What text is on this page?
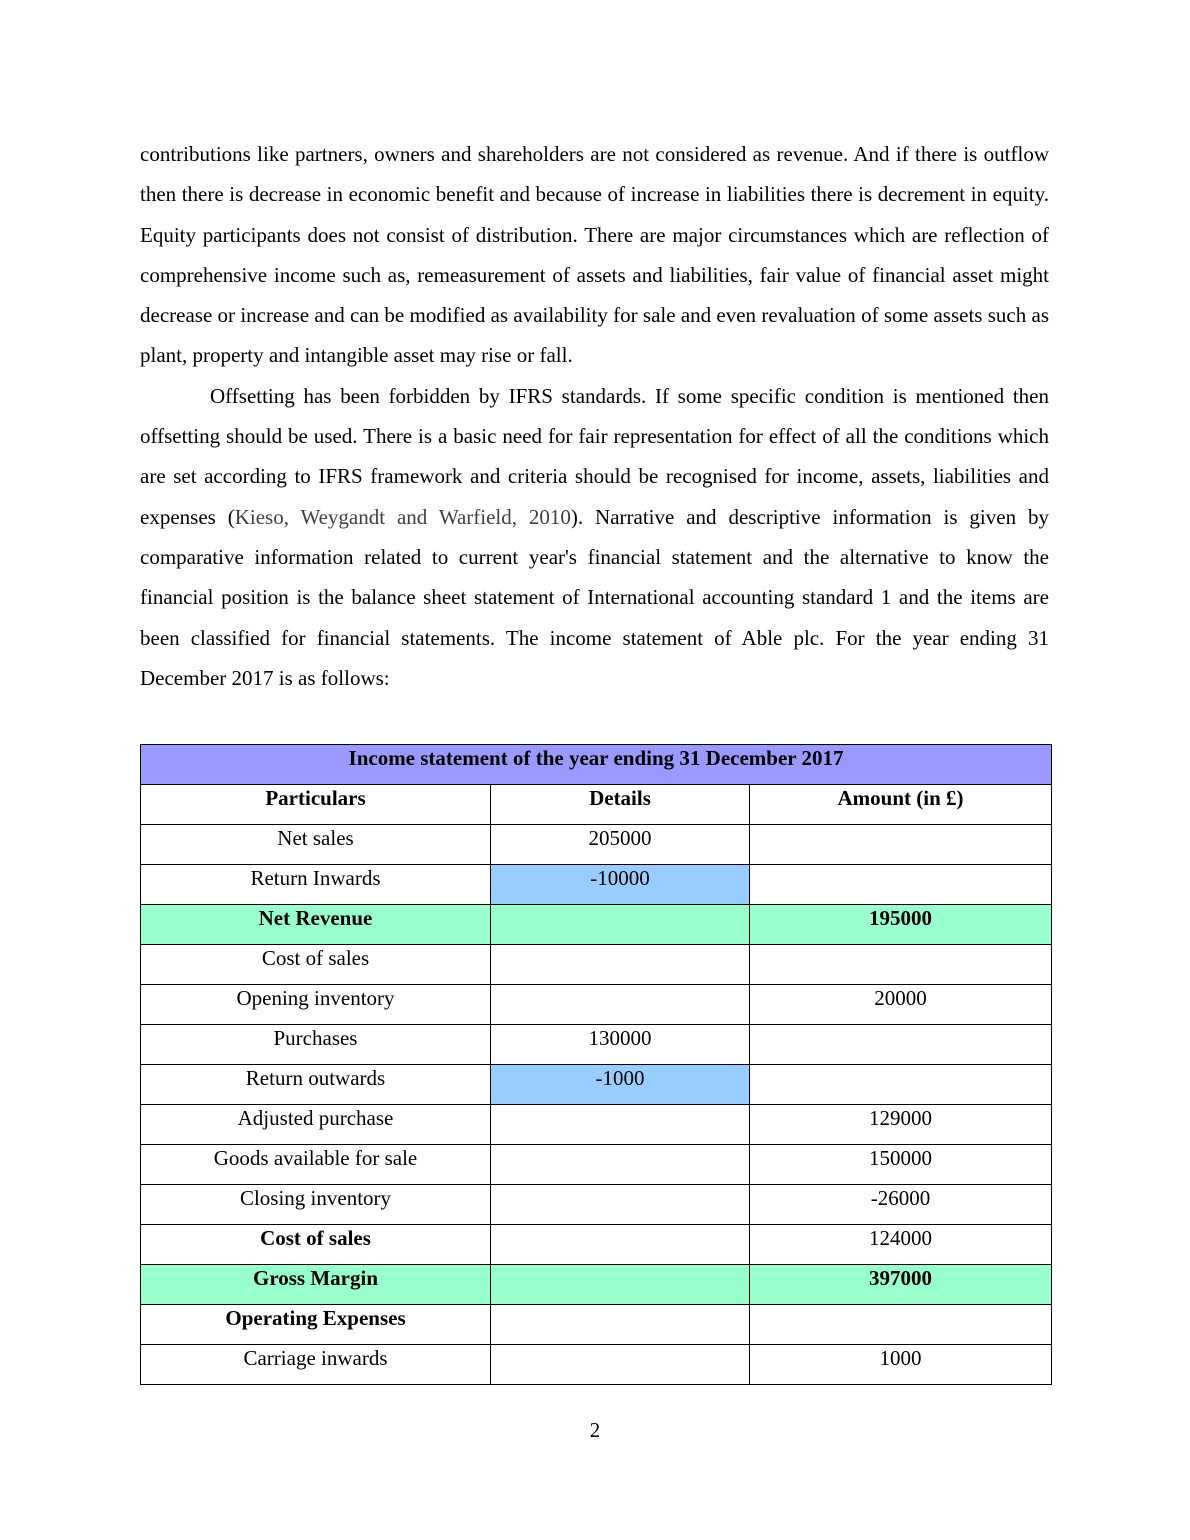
contributions like partners, owners and shareholders are not considered as revenue. And if there is outflow then there is decrease in economic benefit and because of increase in liabilities there is decrement in equity. Equity participants does not consist of distribution. There are major circumstances which are reflection of comprehensive income such as, remeasurement of assets and liabilities, fair value of financial asset might decrease or increase and can be modified as availability for sale and even revaluation of some assets such as plant, property and intangible asset may rise or fall.

Offsetting has been forbidden by IFRS standards. If some specific condition is mentioned then offsetting should be used. There is a basic need for fair representation for effect of all the conditions which are set according to IFRS framework and criteria should be recognised for income, assets, liabilities and expenses (Kieso, Weygandt and Warfield, 2010). Narrative and descriptive information is given by comparative information related to current year's financial statement and the alternative to know the financial position is the balance sheet statement of International accounting standard 1 and the items are been classified for financial statements. The income statement of Able plc. For the year ending 31 December 2017 is as follows:

Income statement of the year ending 31 December 2017		
Particulars	Details	Amount (in £)
Net sales	205000	
Return Inwards	-10000	
Net Revenue		195000
Cost of sales		
Opening inventory		20000
Purchases	130000	
Return outwards	-1000	
Adjusted purchase		129000
Goods available for sale		150000
Closing inventory		-26000
Cost of sales		124000
Gross Margin		397000
Operating Expenses		
Carriage inwards		1000
2
